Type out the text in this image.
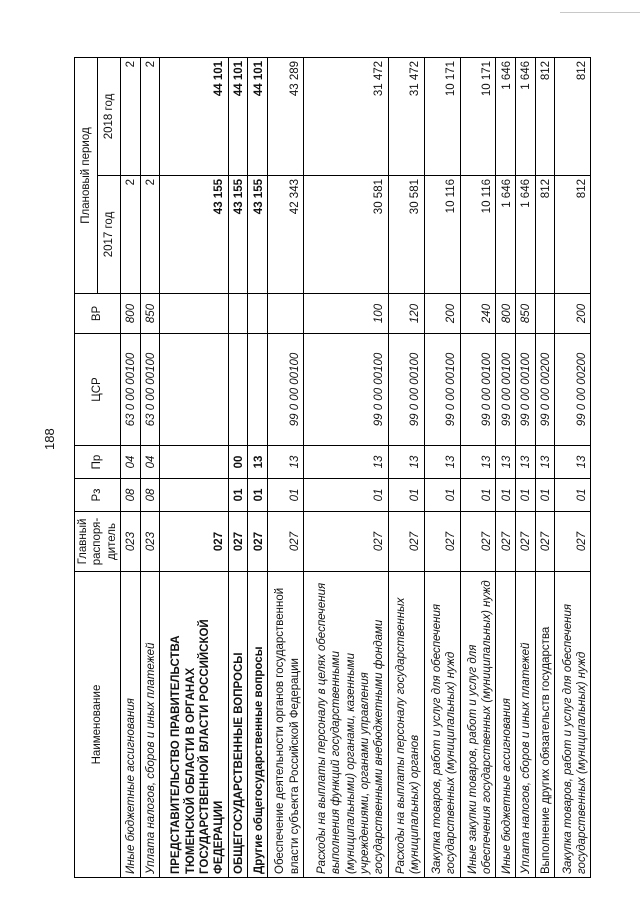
188
Наименование	Главный распоря-дитель	Рз	Пр	ЦСР	ВР	Плановый период	
						2017 год	2018 год
Иные бюджетные ассигнования	023	08	04	63 0 00 00100	800	2	2
Уплата налогов, сборов и иных платежей	023	08	04	63 0 00 00100	850	2	2
ПРЕДСТАВИТЕЛЬСТВО ПРАВИТЕЛЬСТВА ТЮМЕНСКОЙ ОБЛАСТИ В ОРГАНАХ ГОСУДАРСТВЕННОЙ ВЛАСТИ РОССИЙСКОЙ ФЕДЕРАЦИИ	027					43 155	44 101
ОБЩЕГОСУДАРСТВЕННЫЕ ВОПРОСЫ	027	01	00			43 155	44 101
Другие общегосударственные вопросы	027	01	13			43 155	44 101
Обеспечение деятельности органов государственной власти субъекта Российской Федерации	027	01	13	99 0 00 00100		42 343	43 289
Расходы на выплаты персоналу в целях обеспечения выполнения функций государственными (муниципальными) органами, казенными учреждениями, органами управления государственными внебюджетными фондами	027	01	13	99 0 00 00100	100	30 581	31 472
Расходы на выплаты персоналу государственных (муниципальных) органов	027	01	13	99 0 00 00100	120	30 581	31 472
Закупка товаров, работ и услуг для обеспечения государственных (муниципальных) нужд	027	01	13	99 0 00 00100	200	10 116	10 171
Иные закупки товаров, работ и услуг для обеспечения государственных (муниципальных) нужд	027	01	13	99 0 00 00100	240	10 116	10 171
Иные бюджетные ассигнования	027	01	13	99 0 00 00100	800	1 646	1 646
Уплата налогов, сборов и иных платежей	027	01	13	99 0 00 00100	850	1 646	1 646
Выполнение других обязательств государства	027	01	13	99 0 00 00200		812	812
Закупка товаров, работ и услуг для обеспечения государственных (муниципальных) нужд	027	01	13	99 0 00 00200	200	812	812
